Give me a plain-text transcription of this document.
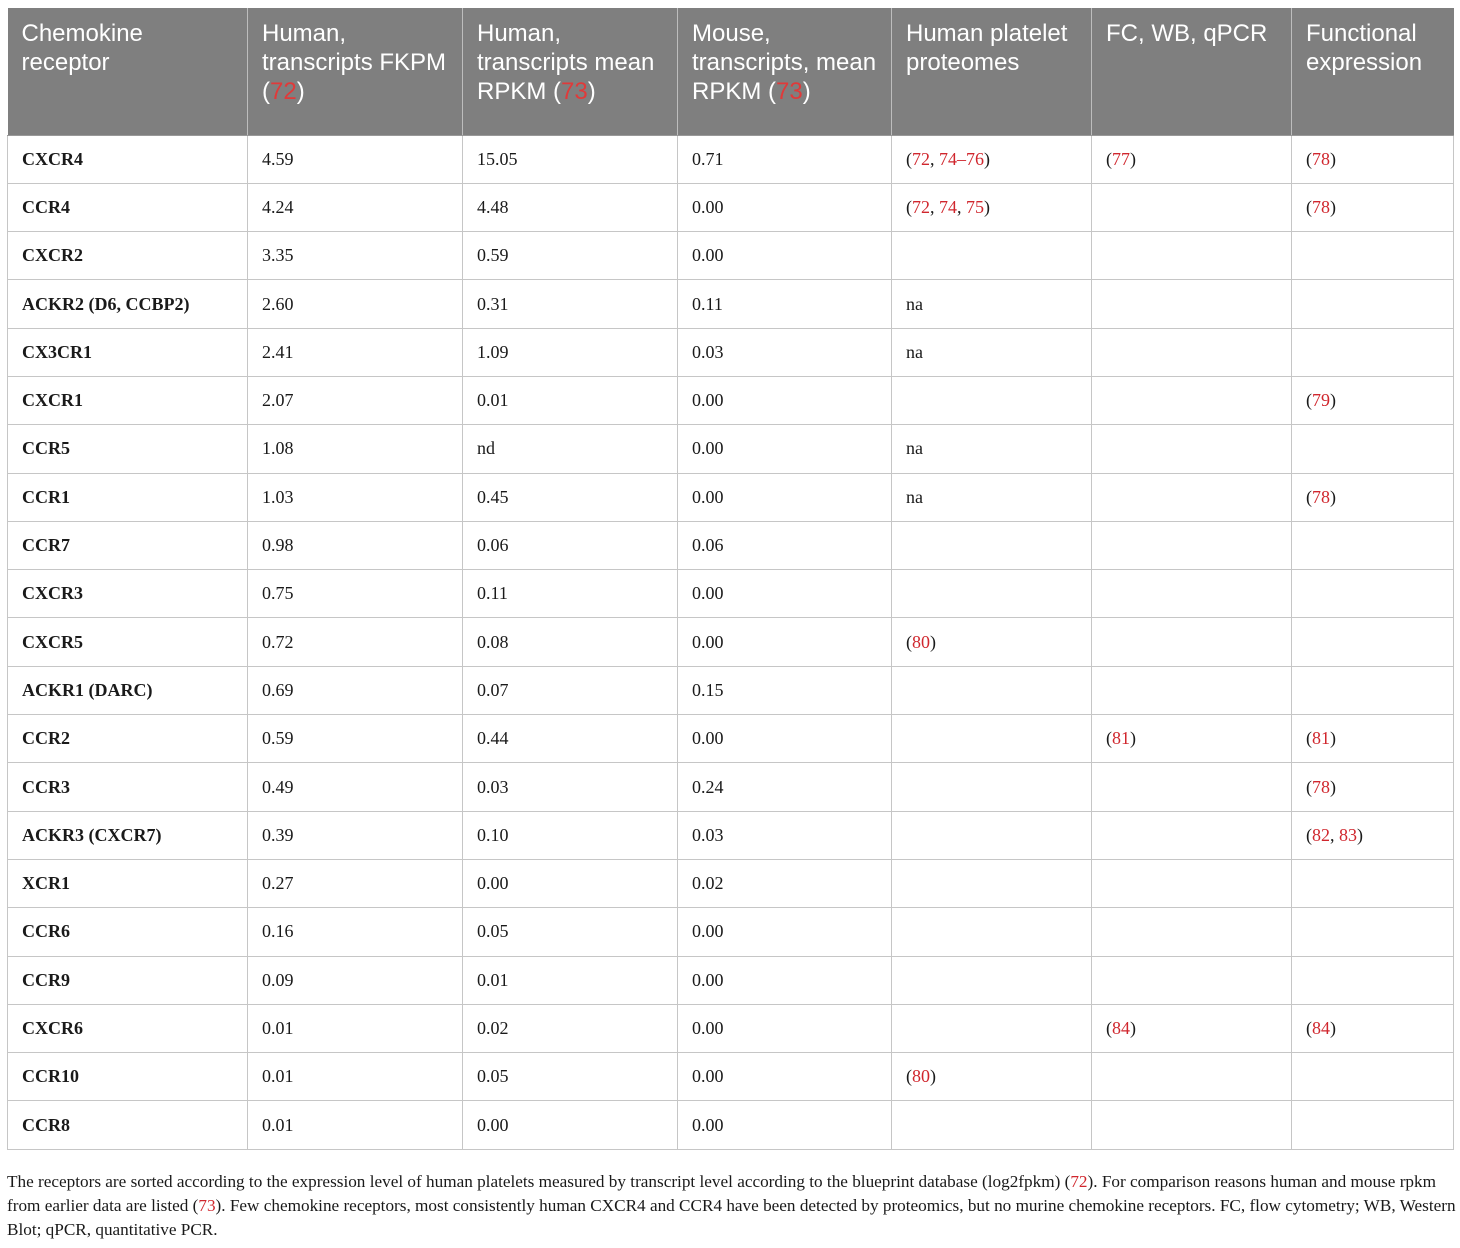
Chemokine receptor	Human, transcripts FKPM (72)	Human, transcripts mean RPKM (73)	Mouse, transcripts, mean RPKM (73)	Human platelet proteomes	FC, WB, qPCR	Functional expression
CXCR4	4.59	15.05	0.71	(72, 74–76)	(77)	(78)
CCR4	4.24	4.48	0.00	(72, 74, 75)		(78)
CXCR2	3.35	0.59	0.00			
ACKR2 (D6, CCBP2)	2.60	0.31	0.11	na		
CX3CR1	2.41	1.09	0.03	na		
CXCR1	2.07	0.01	0.00			(79)
CCR5	1.08	nd	0.00	na		
CCR1	1.03	0.45	0.00	na		(78)
CCR7	0.98	0.06	0.06			
CXCR3	0.75	0.11	0.00			
CXCR5	0.72	0.08	0.00	(80)		
ACKR1 (DARC)	0.69	0.07	0.15			
CCR2	0.59	0.44	0.00		(81)	(81)
CCR3	0.49	0.03	0.24			(78)
ACKR3 (CXCR7)	0.39	0.10	0.03			(82, 83)
XCR1	0.27	0.00	0.02			
CCR6	0.16	0.05	0.00			
CCR9	0.09	0.01	0.00			
CXCR6	0.01	0.02	0.00		(84)	(84)
CCR10	0.01	0.05	0.00	(80)		
CCR8	0.01	0.00	0.00			

The receptors are sorted according to the expression level of human platelets measured by transcript level according to the blueprint database (log2fpkm) (72). For comparison reasons human and mouse rpkm from earlier data are listed (73). Few chemokine receptors, most consistently human CXCR4 and CCR4 have been detected by proteomics, but no murine chemokine receptors. FC, flow cytometry; WB, Western Blot; qPCR, quantitative PCR.
